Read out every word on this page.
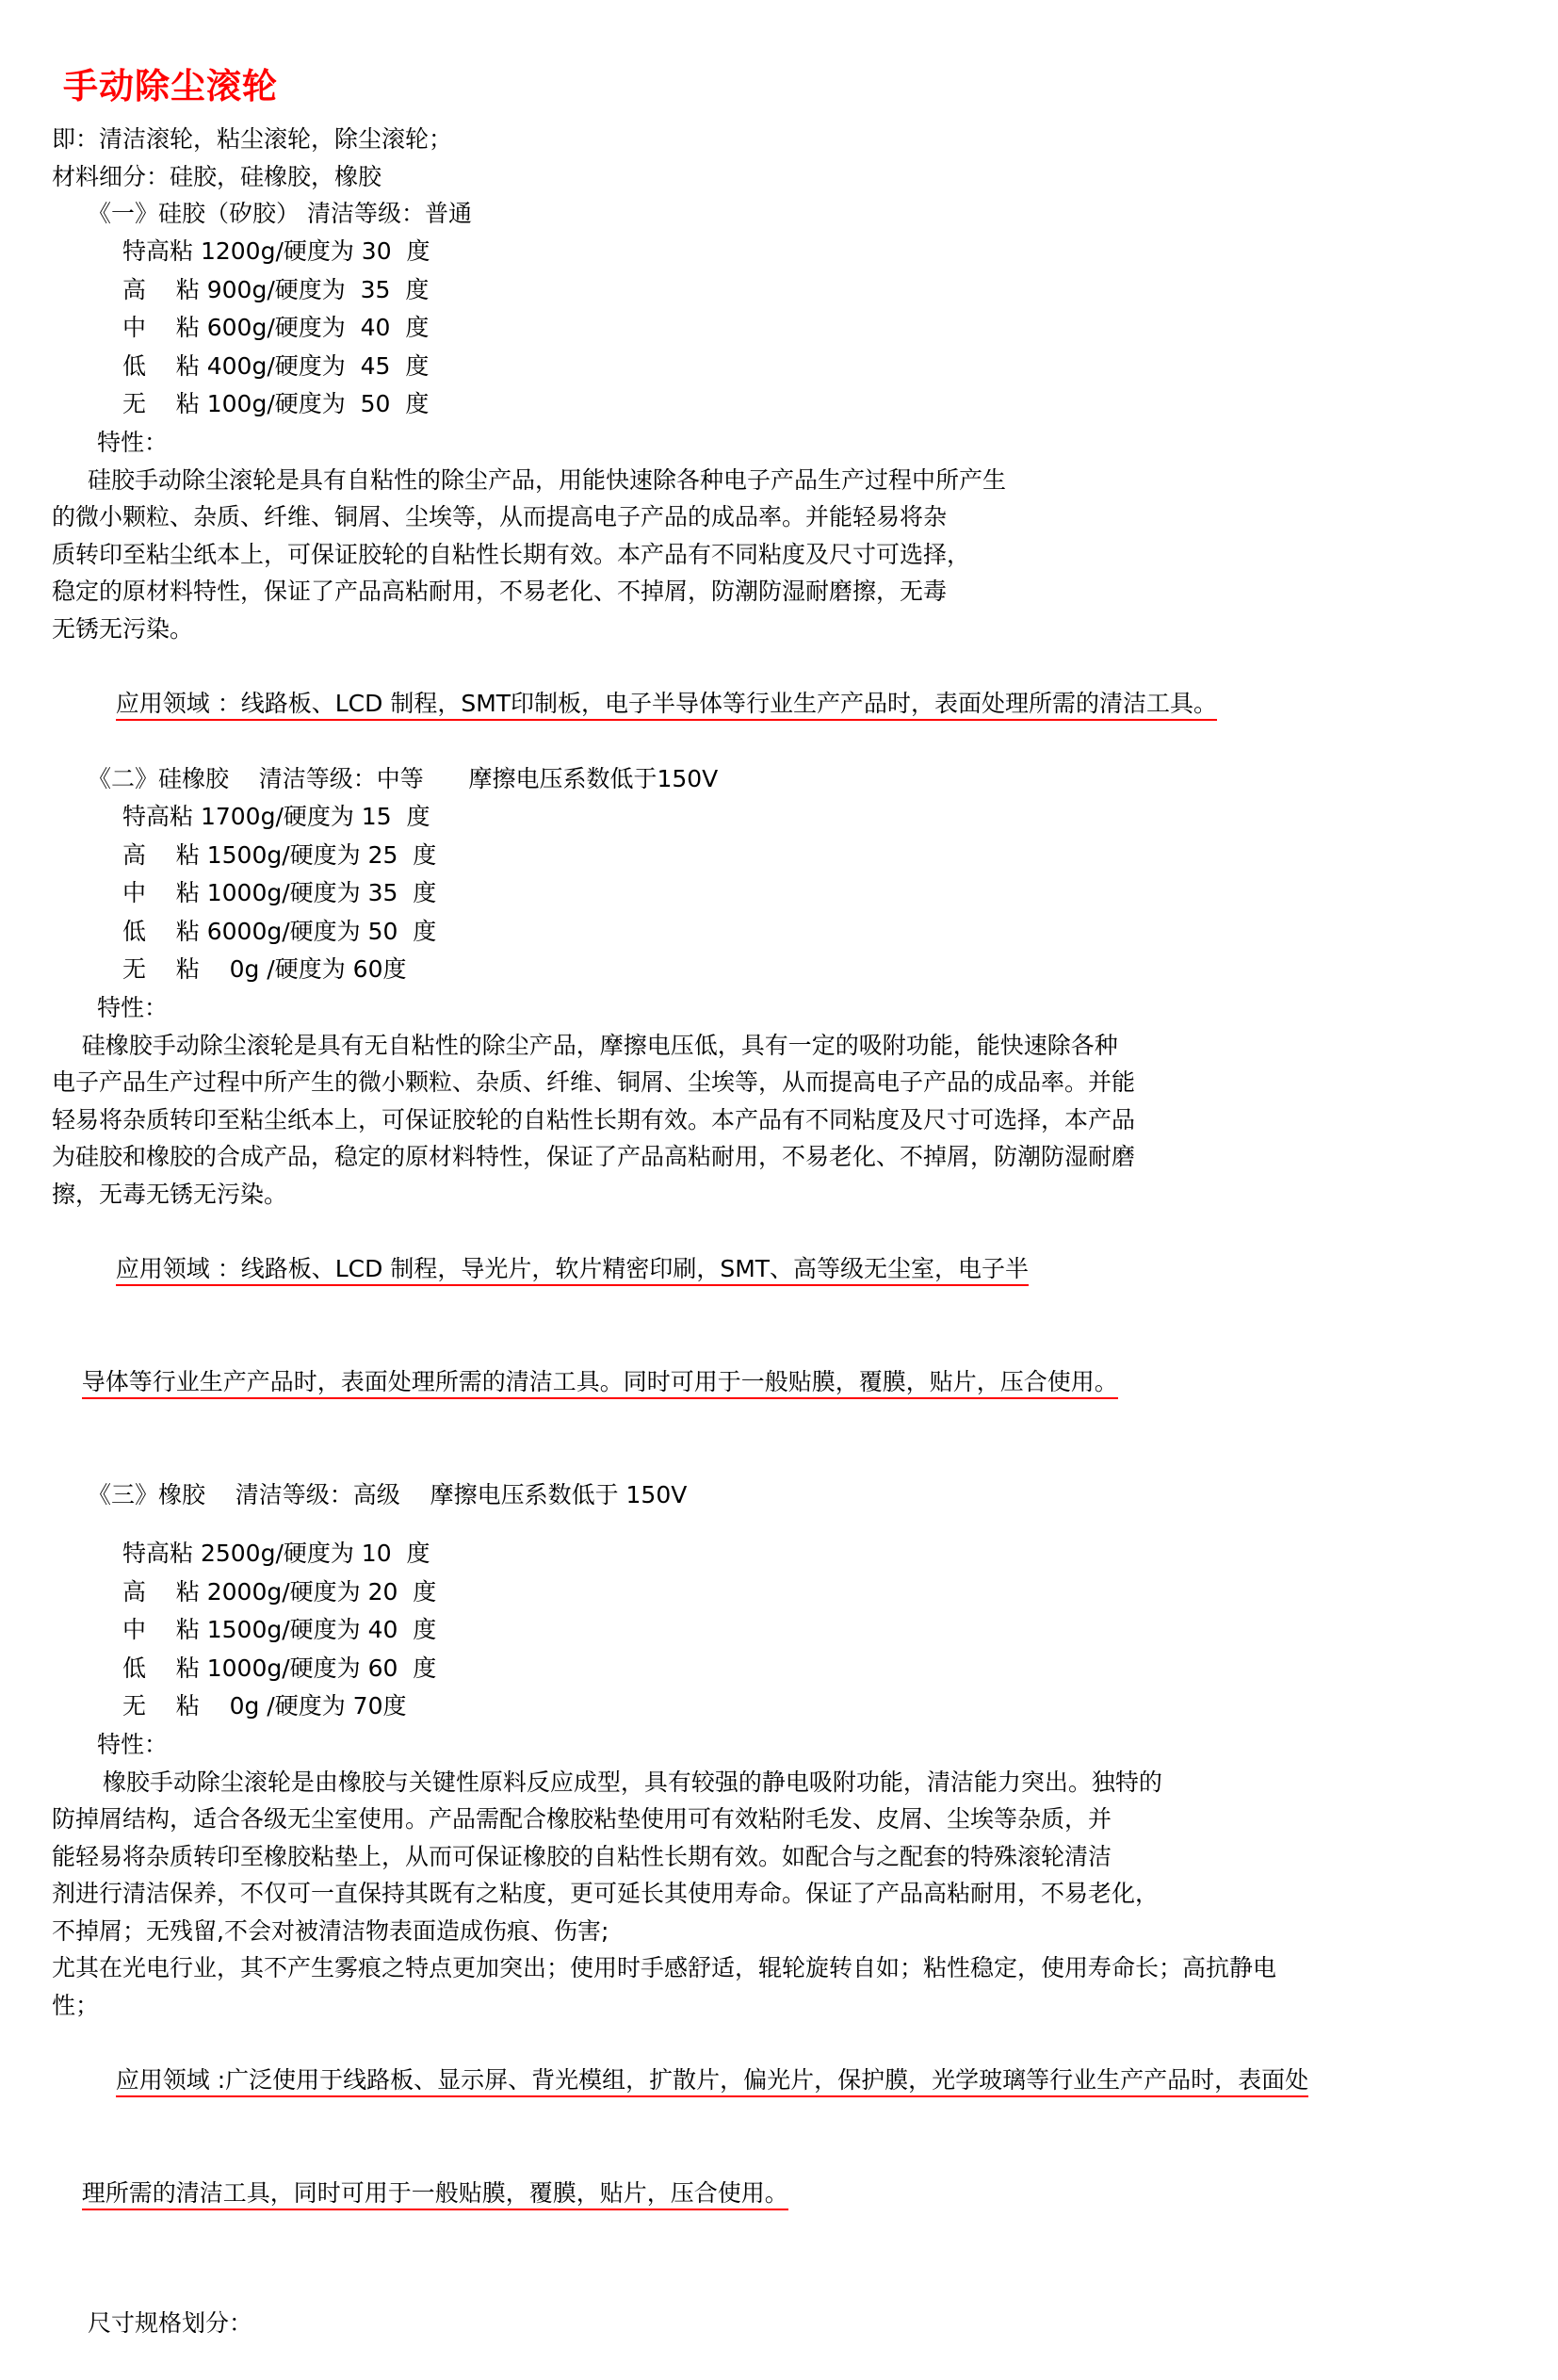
手动除尘滚轮
即：清洁滚轮，粘尘滚轮，除尘滚轮；
材料细分：硅胶，硅橡胶，橡胶
《一》硅胶（矽胶） 清洁等级：普通
特高粘 1200g/硬度为 30  度
高    粘 900g/硬度为  35  度
中    粘 600g/硬度为  40  度
低    粘 400g/硬度为  45  度
无    粘 100g/硬度为  50  度
特性：
硅胶手动除尘滚轮是具有自粘性的除尘产品，用能快速除各种电子产品生产过程中所产生
的微小颗粒、杂质、纤维、铜屑、尘埃等，从而提高电子产品的成品率。并能轻易将杂
质转印至粘尘纸本上，可保证胶轮的自粘性长期有效。本产品有不同粘度及尺寸可选择，
稳定的原材料特性，保证了产品高粘耐用，不易老化、不掉屑，防潮防湿耐磨擦，无毒
无锈无污染。

应用领域 ：线路板、LCD 制程，SMT印制板，电子半导体等行业生产产品时，表面处理所需的清洁工具。

《二》硅橡胶    清洁等级：中等      摩擦电压系数低于150V
特高粘 1700g/硬度为 15  度
高    粘 1500g/硬度为 25  度
中    粘 1000g/硬度为 35  度
低    粘 6000g/硬度为 50  度
无    粘    0g /硬度为 60度
特性：
硅橡胶手动除尘滚轮是具有无自粘性的除尘产品，摩擦电压低，具有一定的吸附功能，能快速除各种
电子产品生产过程中所产生的微小颗粒、杂质、纤维、铜屑、尘埃等，从而提高电子产品的成品率。并能
轻易将杂质转印至粘尘纸本上，可保证胶轮的自粘性长期有效。本产品有不同粘度及尺寸可选择，本产品
为硅胶和橡胶的合成产品，稳定的原材料特性，保证了产品高粘耐用，不易老化、不掉屑，防潮防湿耐磨
擦，无毒无锈无污染。

应用领域 ：线路板、LCD 制程，导光片，软片精密印刷，SMT、高等级无尘室，电子半

导体等行业生产产品时，表面处理所需的清洁工具。同时可用于一般贴膜，覆膜，贴片，压合使用。

《三》橡胶    清洁等级：高级    摩擦电压系数低于 150V
特高粘 2500g/硬度为 10  度
高    粘 2000g/硬度为 20  度
中    粘 1500g/硬度为 40  度
低    粘 1000g/硬度为 60  度
无    粘    0g /硬度为 70度
特性：
橡胶手动除尘滚轮是由橡胶与关键性原料反应成型，具有较强的静电吸附功能，清洁能力突出。独特的
防掉屑结构，适合各级无尘室使用。产品需配合橡胶粘垫使用可有效粘附毛发、皮屑、尘埃等杂质，并
能轻易将杂质转印至橡胶粘垫上，从而可保证橡胶的自粘性长期有效。如配合与之配套的特殊滚轮清洁
剂进行清洁保养，不仅可一直保持其既有之粘度，更可延长其使用寿命。保证了产品高粘耐用，不易老化，
不掉屑；无残留,不会对被清洁物表面造成伤痕、伤害;
尤其在光电行业，其不产生雾痕之特点更加突出；使用时手感舒适，辊轮旋转自如；粘性稳定，使用寿命长；高抗静电
性；

应用领域 :广泛使用于线路板、显示屏、背光模组，扩散片，偏光片，保护膜，光学玻璃等行业生产产品时，表面处

理所需的清洁工具，同时可用于一般贴膜，覆膜，贴片，压合使用。

尺寸规格划分：
